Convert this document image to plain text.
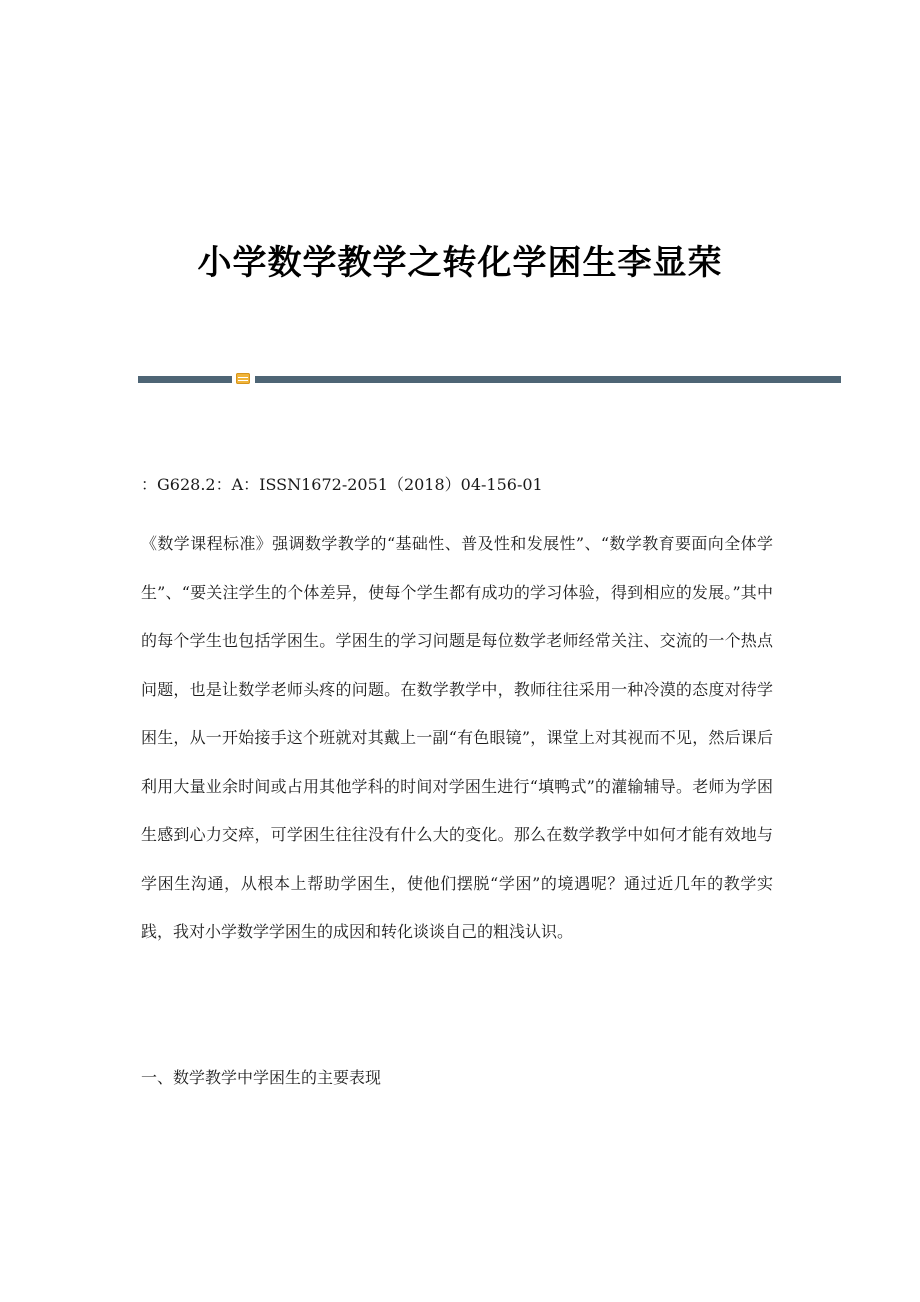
小学数学教学之转化学困生李显荣
：G628.2：A：ISSN1672-2051（2018）04-156-01

《数学课程标准》强调数学教学的“基础性、普及性和发展性”、“数学教育要面向全体学生”、“要关注学生的个体差异，使每个学生都有成功的学习体验，得到相应的发展。”其中的每个学生也包括学困生。学困生的学习问题是每位数学老师经常关注、交流的一个热点问题，也是让数学老师头疼的问题。在数学教学中，教师往往采用一种冷漠的态度对待学困生，从一开始接手这个班就对其戴上一副“有色眼镜”，课堂上对其视而不见，然后课后利用大量业余时间或占用其他学科的时间对学困生进行“填鸭式”的灌输辅导。老师为学困生感到心力交瘁，可学困生往往没有什么大的变化。那么在数学教学中如何才能有效地与学困生沟通，从根本上帮助学困生，使他们摆脱“学困”的境遇呢？通过近几年的教学实践，我对小学数学学困生的成因和转化谈谈自己的粗浅认识。

一、数学教学中学困生的主要表现
